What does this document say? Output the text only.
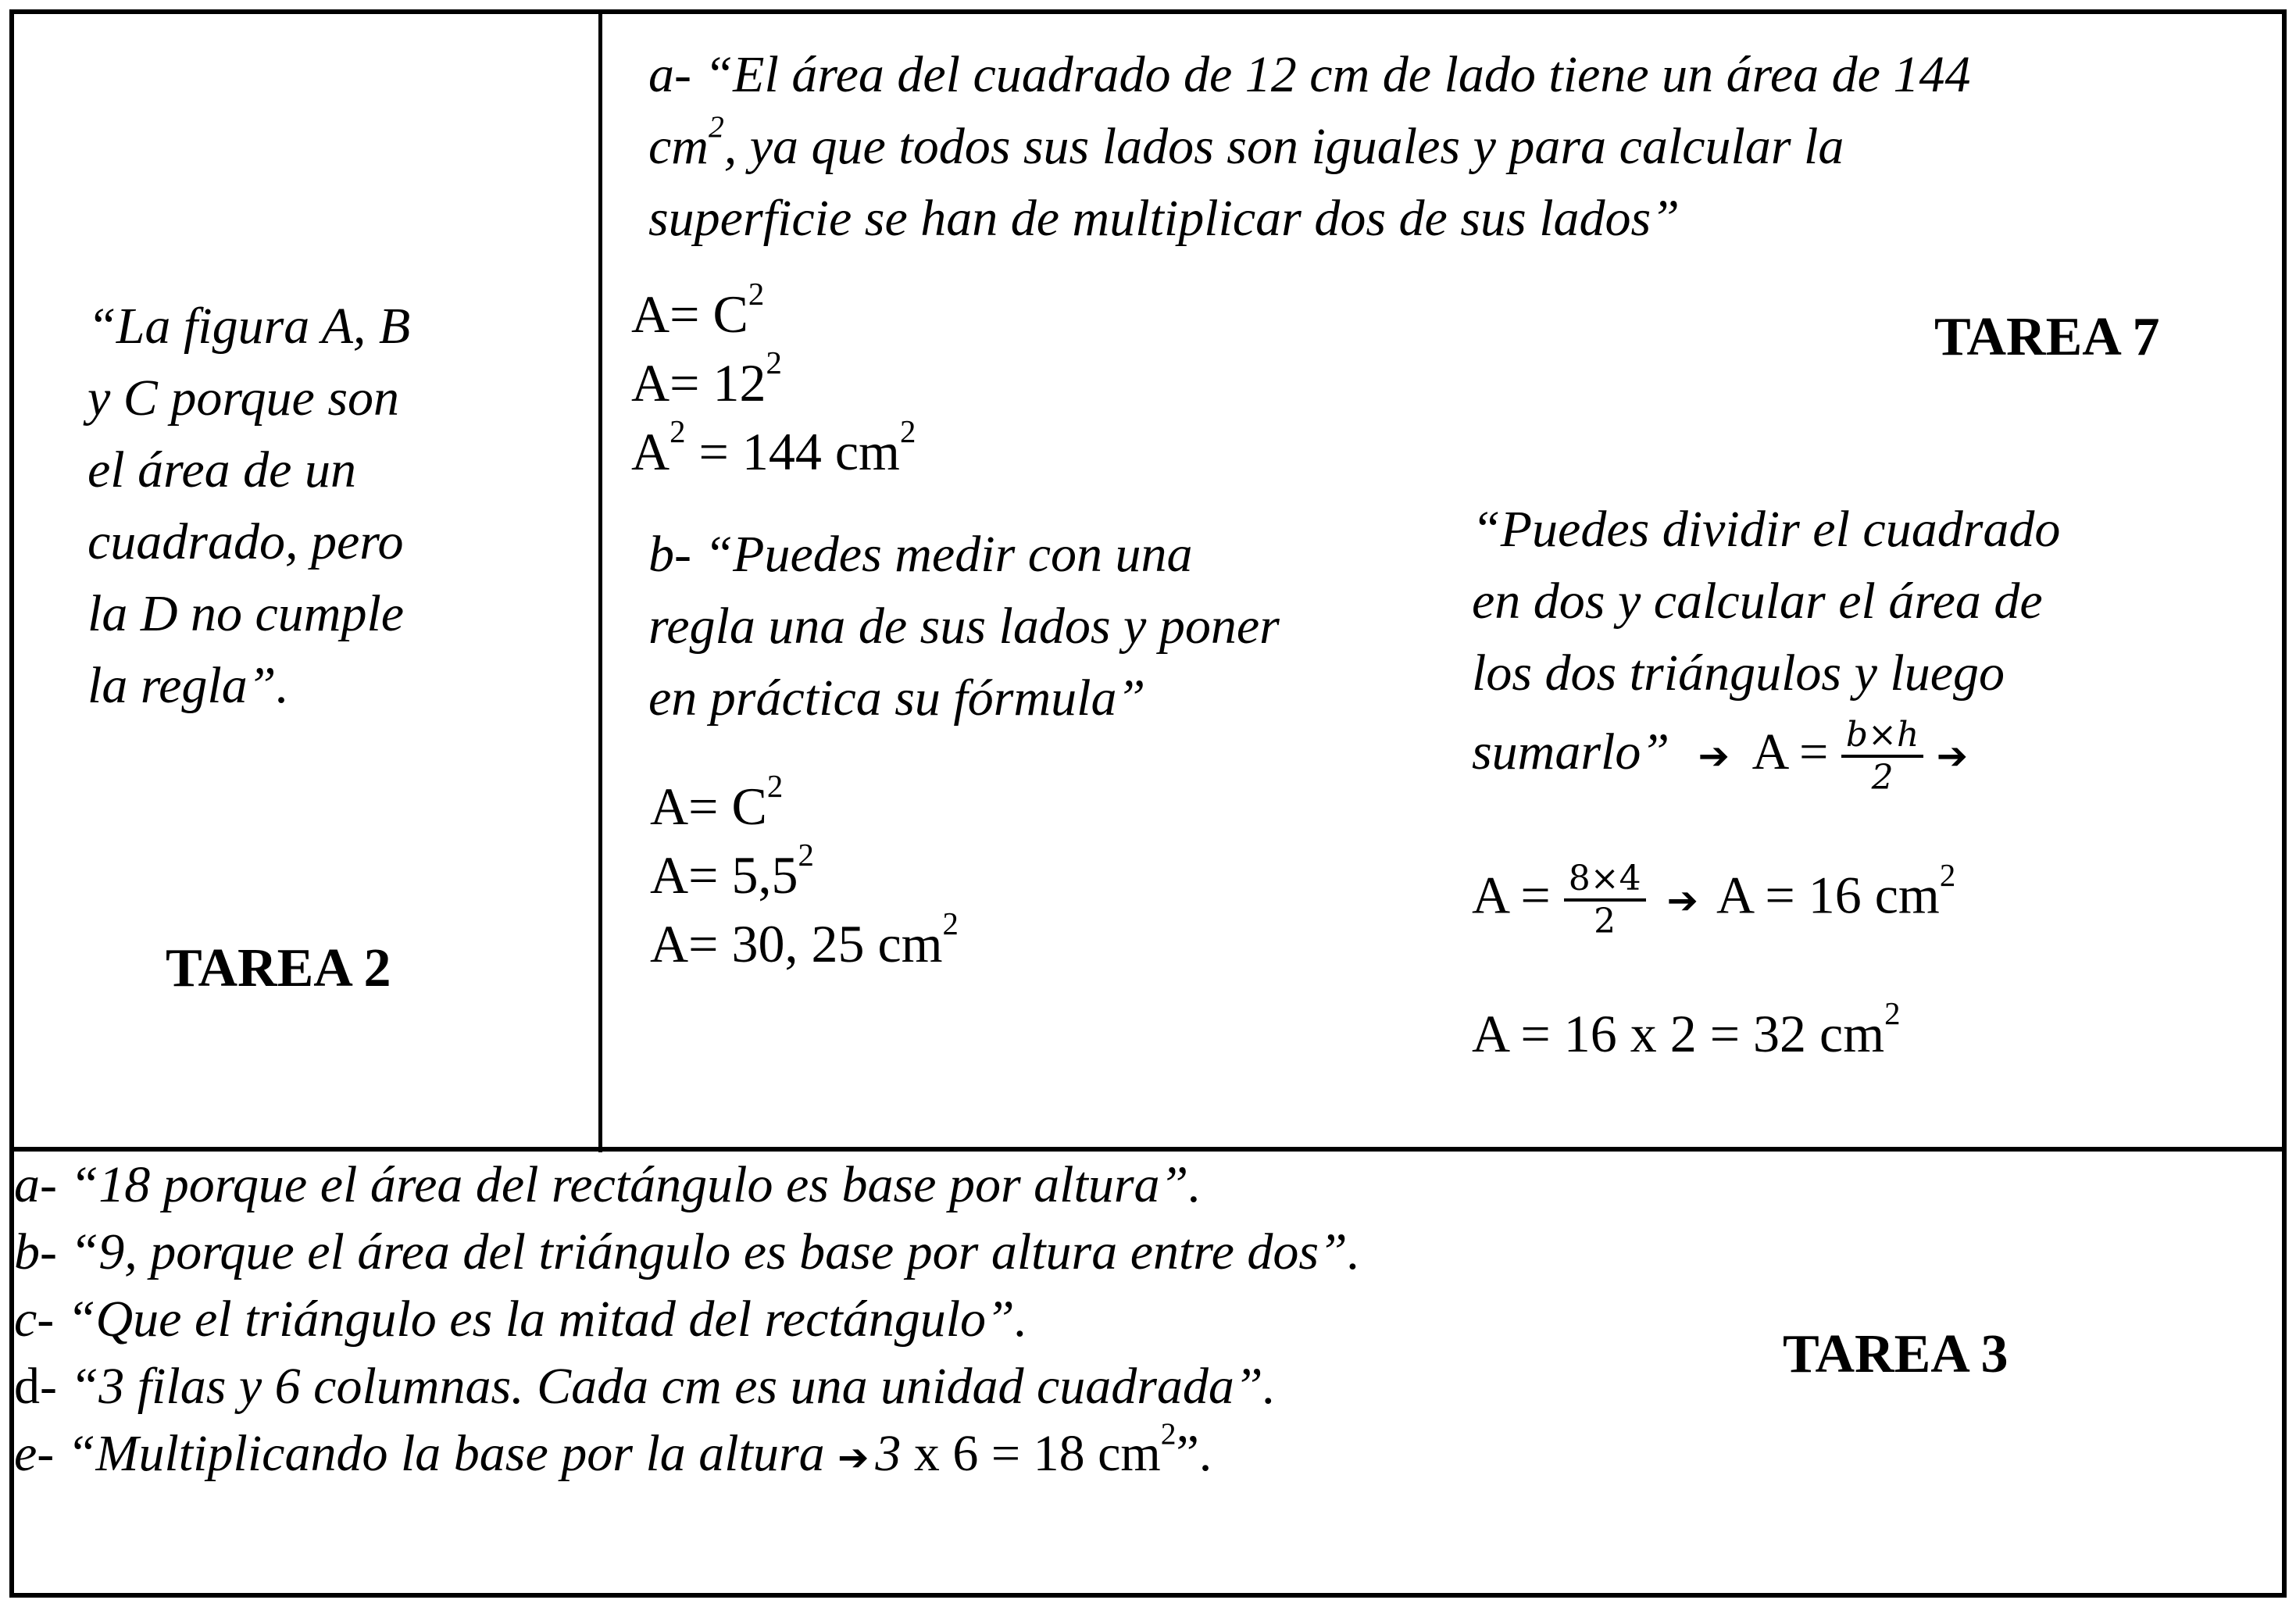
“La figura A, B
y C porque son
el área de un
cuadrado, pero
la D no cumple
la regla”.
TAREA 2
a- “El área del cuadrado de 12 cm de lado tiene un área de 144
$cm^2$, ya que todos sus lados son iguales y para calcular la
superficie se han de multiplicar dos de sus lados”
TAREA 7
$A= C^2$
$A= 12^2$
$A^2 = 144$ $cm^2$
b- “Puedes medir con una
regla una de sus lados y poner
en práctica su fórmula”
$A= C^2$
$A= 5,5^2$
A= 30, 25 $cm^2$
“Puedes dividir el cuadrado
en dos y calcular el área de
los dos triángulos y luego
sumarlo” ➔ $A = \frac{b\times h}{2}$ ➔
$A = \frac{8\times 4}{2}$ ➔ A = 16 $cm^2$
A = 16 x 2 = 32 $cm^2$
a- “18 porque el área del rectángulo es base por altura”.
b- “9, porque el área del triángulo es base por altura entre dos”.
c- “Que el triángulo es la mitad del rectángulo”.
d- “3 filas y 6 columnas. Cada cm es una unidad cuadrada”.
e- “Multiplicando la base por la altura ➔ 3 x 6 = 18 $cm^2$”.
TAREA 3
